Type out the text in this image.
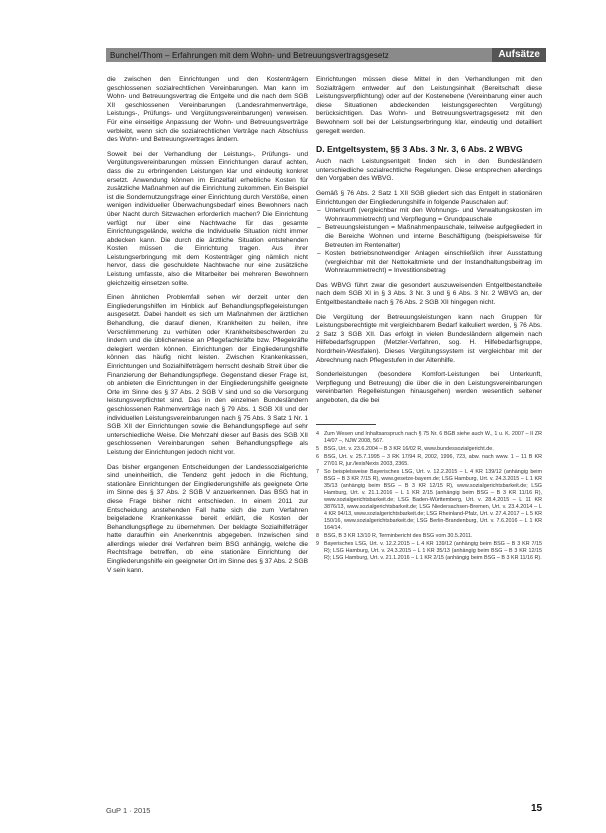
Bunchel/Thom – Erfahrungen mit dem Wohn- und Betreuungsvertragsgesetz	Aufsätze

die zwischen den Einrichtungen und den Kostenträgern geschlossenen sozialrechtlichen Vereinbarungen. Man kann im Wohn- und Betreuungsvertrag die Entgelte und die nach dem SGB XII geschlossenen Vereinbarungen (Landesrahmenverträge, Leistungs-, Prüfungs- und Vergütungsvereinbarungen) verweisen. Für eine einseitige Anpassung der Wohn- und Betreuungsverträge verbleibt, wenn sich die sozialrechtlichen Verträge nach Abschluss des Wohn- und Betreuungsvertrages ändern.

Soweit bei der Verhandlung der Leistungs-, Prüfungs- und Vergütungsvereinbarungen müssen Einrichtungen darauf achten, dass die zu erbringenden Leistungen klar und eindeutig konkret ersetzt. Anwendung können im Einzelfall erhebliche Kosten für zusätzliche Maßnahmen auf die Einrichtung zukommen. Ein Beispiel ist die Sondernutzungsfrage einer Einrichtung durch Verstöße, einen wenigen individueller Überwachungsbedarf eines Bewohners nach über Nacht durch Sitzwachen erforderlich machen? Die Einrichtung verfügt nur über eine Nachtwache für das gesamte Einrichtungsgelände, welche die Individuelle Situation nicht immer abdecken kann. Die durch die ärztliche Situation entstehenden Kosten müssen die Einrichtung tragen. Aus ihrer Leistungserbringung mit dem Kostenträger ging nämlich nicht hervor, dass die geschuldete Nachtwache nur eine zusätzliche Leistung umfasste, also die Mitarbeiter bei mehreren Bewohnern gleichzeitig einsetzen sollte.

Einen ähnlichen Problemfall sehen wir derzeit unter den Eingliederungshilfen im Hinblick auf Behandlungspflegeleistungen ausgesetzt. Dabei handelt es sich um Maßnahmen der ärztlichen Behandlung, die darauf dienen, Krankheiten zu heilen, ihre Verschlimmerung zu verhüten oder Krankheitsbeschwerden zu lindern und die üblicherweise an Pflegefachkräfte bzw. Pflegekräfte delegiert werden können. Einrichtungen der Eingliederungshilfe können das häufig nicht leisten. Zwischen Krankenkassen, Einrichtungen und Sozialhilfeträgern herrscht deshalb Streit über die Finanzierung der Behandlungspflege. Gegenstand dieser Frage ist, ob anbieten die Einrichtungen in der Eingliederungshilfe geeignete Orte im Sinne des § 37 Abs. 2 SGB V sind und so die Versorgung leistungsverpflichtet sind. Das in den einzelnen Bundesländern geschlossenen Rahmenverträge nach § 79 Abs. 1 SGB XII und der individuellen Leistungsvereinbarungen nach § 75 Abs. 3 Satz 1 Nr. 1 SGB XII der Einrichtungen sowie die Behandlungspflege auf sehr unterschiedliche Weise. Die Mehrzahl dieser auf Basis des SGB XII geschlossenen Vereinbarungen sehen Behandlungspflege als Leistung der Einrichtungen jedoch nicht vor.

Das bisher ergangenen Entscheidungen der Landessozialgerichte sind uneinheitlich, die Tendenz geht jedoch in die Richtung, stationäre Einrichtungen der Eingliederungshilfe als geeignete Orte im Sinne des § 37 Abs. 2 SGB V anzuerkennen. Das BSG hat in diese Frage bisher nicht entschieden. In einem 2011 zur Entscheidung anstehenden Fall hatte sich die zum Verfahren beigeladene Krankenkasse bereit erklärt, die Kosten der Behandlungspflege zu übernehmen. Der beklagte Sozialhilfeträger hatte daraufhin ein Anerkenntnis abgegeben. Inzwischen sind allerdings wieder drei Verfahren beim BSG anhängig, welche die Rechtsfrage betreffen, ob eine stationäre Einrichtung der Eingliederungshilfe ein geeigneter Ort im Sinne des § 37 Abs. 2 SGB V sein kann.

Einrichtungen müssen diese Mittel in den Verhandlungen mit den Sozialträgern entweder auf den Leistungsinhalt (Bereitschaft diese Leistungsverpflichtung) oder auf der Kostenebene (Vereinbarung einer auch diese Situationen abdeckenden leistungsgerechten Vergütung) berücksichtigen. Das Wohn- und Betreuungsvertragsgesetz mit den Bewohnern soll bei der Leistungserbringung klar, eindeutig und detailliert geregelt werden.

D. Entgeltsystem, §§ 3 Abs. 3 Nr. 3, 6 Abs. 2 WBVG

Auch nach Leistungsentgelt finden sich in den Bundesländern unterschiedliche sozialrechtliche Regelungen. Diese entsprechen allerdings den Vorgaben des WBVG.

Gemäß § 76 Abs. 2 Satz 1 XII SGB gliedert sich das Entgelt in stationären Einrichtungen der Eingliederungshilfe in folgende Pauschalen auf:

– Unterkunft (vergleichbar mit den Wohnungs- und Verwaltungskosten im Wohnraummietrecht) und Verpflegung = Grundpauschale
– Betreuungsleistungen = Maßnahmenpauschale, teilweise aufgegliedert in die Bereiche Wohnen und interne Beschäftigung (beispielsweise für Betreuten im Rentenalter)
– Kosten betriebsnotwendiger Anlagen einschließlich ihrer Ausstattung (vergleichbar mit der Nettokaltmiete und der Instandhaltungsbeitrag im Wohnraummietrecht) = Investitionsbetrag

Das WBVG führt zwar die gesondert auszuweisenden Entgeltbestandteile nach dem SGB XI in § 3 Abs. 3 Nr. 3 und § 6 Abs. 3 Nr. 2 WBVG an, der Entgeltbestandteile nach § 76 Abs. 2 SGB XII hingegen nicht.

Die Vergütung der Betreuungsleistungen kann nach Gruppen für Leistungsberechtigte mit vergleichbarem Bedarf kalkuliert werden, § 76 Abs. 2 Satz 3 SGB XII. Das erfolgt in vielen Bundesländern allgemein nach Hilfebedarfsgruppen (Metzler-Verfahren, sog. H. Hilfebedarfsgruppe, Nordrhein-Westfalen). Dieses Vergütungssystem ist vergleichbar mit der Abrechnung nach Pflegestufen in der Altenhilfe.

Sonderleistungen (besondere Komfort-Leistungen bei Unterkunft, Verpflegung und Betreuung) die über die in den Leistungsvereinbarungen vereinbarten Regelleistungen hinausgehen) werden wesentlich seltener angeboten, da die bei

4 Zum Wesen und Inhaltsanspruch nach § 75 Nr. 6 BGB siehe auch W., 1 u. K. 2007 – II ZR 14/07 –, NJW 2008, 567.
5 BSG, Urt. v. 23.6.2004 – B 3 KR 16/02 R, www.bundessozialgericht.de.
6 BSG, Urt. v. 25.7.1995 – 3 RK 17/94 R, 2002, 1996, 723, abw. nach www. 1 – 11 B KR 27/01 R, jur./lexisNexis 2003, 2365.
7 So beispielsweise Bayerisches LSG, Urt. v. 12.2.2015 – L 4 KR 139/12 (anhängig beim BSG – B 3 KR 7/15 R), www.gesetze-bayern.de; LSG Hamburg, Urt. v. 24.3.2015 – L 1 KR 35/13 (anhängig beim BSG – B 3 KR 12/15 R), www.sozialgerichtsbarkeit.de; LSG Hamburg, Urt. v. 21.1.2016 – L 1 KR 2/15 (anhängig beim BSG – B 3 KR 11/16 R), www.sozialgerichtsbarkeit.de; LSG Baden-Württemberg, Urt. v. 28.4.2015 – L 11 KR 3876/13, www.sozialgerichtsbarkeit.de; LSG Niedersachsen-Bremen, Urt. v. 23.4.2014 – L 4 KR 94/13, www.sozialgerichtsbarkeit.de; LSG Rheinland-Pfalz, Urt. v. 27.4.2017 – L 5 KR 150/16, www.sozialgerichtsbarkeit.de; LSG Berlin-Brandenburg, Urt. v. 7.6.2016 – L 1 KR 164/14.
8 BSG, B 3 KR 13/10 R, Terminbericht des BSG vom 30.5.2011.
9 Bayerisches LSG, Urt. v. 12.2.2015 – L 4 KR 139/12 (anhängig beim BSG – B 3 KR 7/15 R); LSG Hamburg, Urt. v. 24.3.2015 – L 1 KR 35/13 (anhängig beim BSG – B 3 KR 12/15 R); LSG Hamburg, Urt. v. 21.1.2016 – L 1 KR 2/15 (anhängig beim BSG – B 3 KR 11/16 R).
GuP 1 · 2015	15
